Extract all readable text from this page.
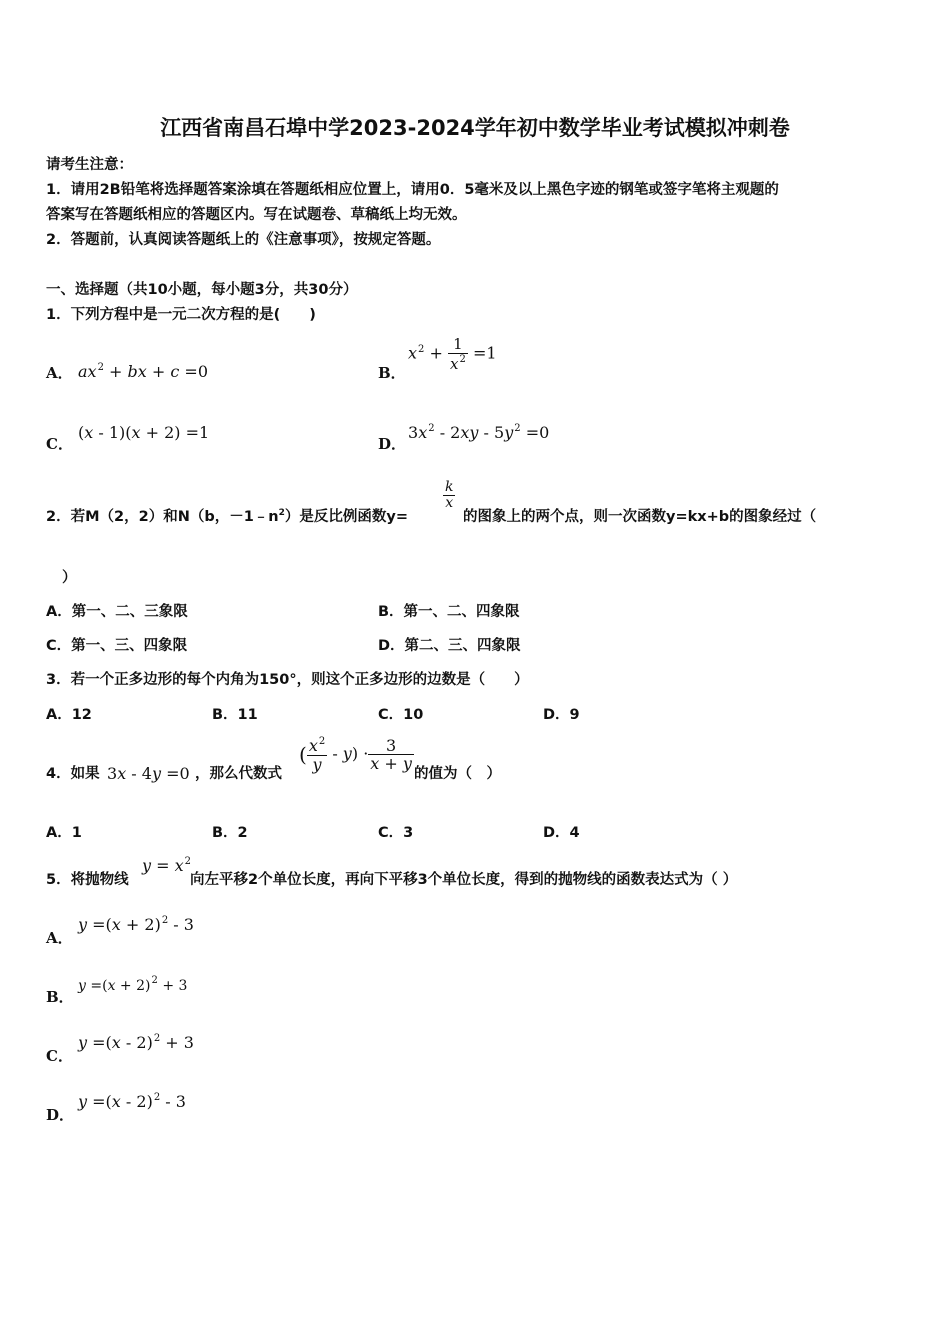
江西省南昌石埠中学2023-2024学年初中数学毕业考试模拟冲刺卷
请考生注意：
1．请用2B铅笔将选择题答案涂填在答题纸相应位置上，请用0．5毫米及以上黑色字迹的钢笔或签字笔将主观题的
答案写在答题纸相应的答题区内。写在试题卷、草稿纸上均无效。
2．答题前，认真阅读答题纸上的《注意事项》，按规定答题。
一、选择题（共10小题，每小题3分，共30分）
1．下列方程中是一元二次方程的是(　　)
A． $ax^2$ + bx + c =0	B．
$x^2 + \frac{1}{x^2} =1$
C．
(x - 1)(x + 2) =1
D．
$3x^2 - 2xy - 5y^2 =0$
2．若M（2，2）和N（b，$-1﹣n^2$）是反比例函数y=
$\frac{k}{x}$
的图象上的两个点，则一次函数y=kx+b的图象经过（
）
A．第一、二、三象限	B．第一、二、四象限
C．第一、三、四象限	D．第二、三、四象限
3．若一个正多边形的每个内角为150°，则这个正多边形的边数是（　　）
A．12	B．11	C．10	D．9
4．如果 3x - 4y =0 ，那么代数式
( $\frac{x^2}{y} - y) \cdot \frac{3}{x + y}$
的值为（　）
A．1	B．2	C．3	D．4
5．将抛物线
$y = x^2$
向左平移2个单位长度，再向下平移3个单位长度，得到的抛物线的函数表达式为（ ）
A．
$y =(x + 2)^2 - 3$
B．
$y =(x + 2)^2 + 3$
C．
y =(x - 2)$^2$ + 3
D．
y =(x - 2)$^2$ - 3
